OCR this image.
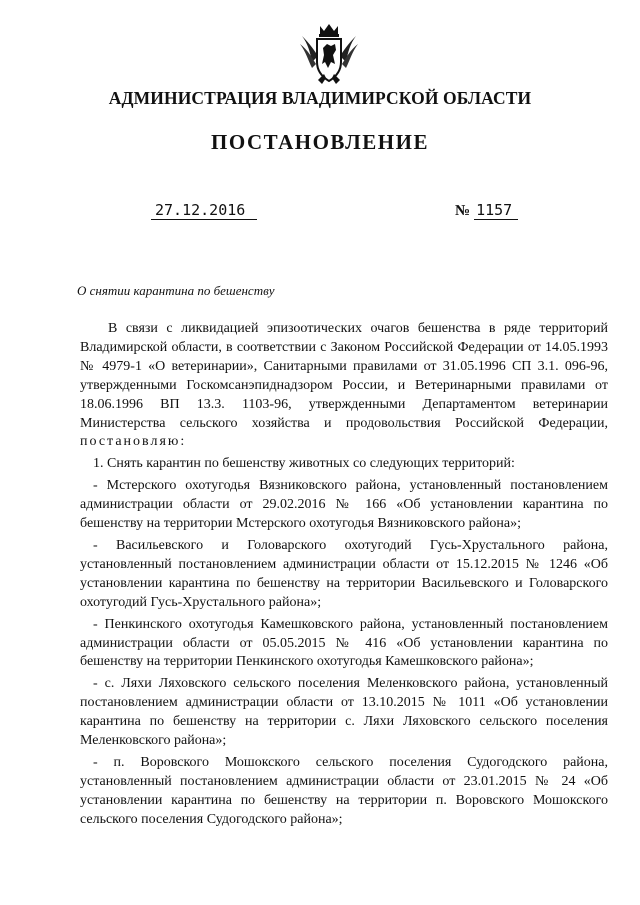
АДМИНИСТРАЦИЯ ВЛАДИМИРСКОЙ ОБЛАСТИ
ПОСТАНОВЛЕНИЕ
27.12.2016	№ 1157
О снятии карантина по бешенству

В связи с ликвидацией эпизоотических очагов бешенства в ряде территорий Владимирской области, в соответствии с Законом Российской Федерации от 14.05.1993 № 4979-1 «О ветеринарии», Санитарными правилами от 31.05.1996 СП 3.1. 096-96, утвержденными Госкомсанэпиднадзором России, и Ветеринарными правилами от 18.06.1996 ВП 13.3. 1103-96, утвержденными Департаментом ветеринарии Министерства сельского хозяйства и продовольствия Российской Федерации, постановляю:

1. Снять карантин по бешенству животных со следующих территорий:

- Мстерского охотугодья Вязниковского района, установленный постановлением администрации области от 29.02.2016 № 166 «Об установлении карантина по бешенству на территории Мстерского охотугодья Вязниковского района»;

- Васильевского и Головарского охотугодий Гусь-Хрустального района, установленный постановлением администрации области от 15.12.2015 № 1246 «Об установлении карантина по бешенству на территории Васильевского и Головарского охотугодий Гусь-Хрустального района»;

- Пенкинского охотугодья Камешковского района, установленный постановлением администрации области от 05.05.2015 № 416 «Об установлении карантина по бешенству на территории Пенкинского охотугодья Камешковского района»;

- с. Ляхи Ляховского сельского поселения Меленковского района, установленный постановлением администрации области от 13.10.2015 № 1011 «Об установлении карантина по бешенству на территории с. Ляхи Ляховского сельского поселения Меленковского района»;

- п. Воровского Мошокского сельского поселения Судогодского района, установленный постановлением администрации области от 23.01.2015 № 24 «Об установлении карантина по бешенству на территории п. Воровского Мошокского сельского поселения Судогодского района»;
